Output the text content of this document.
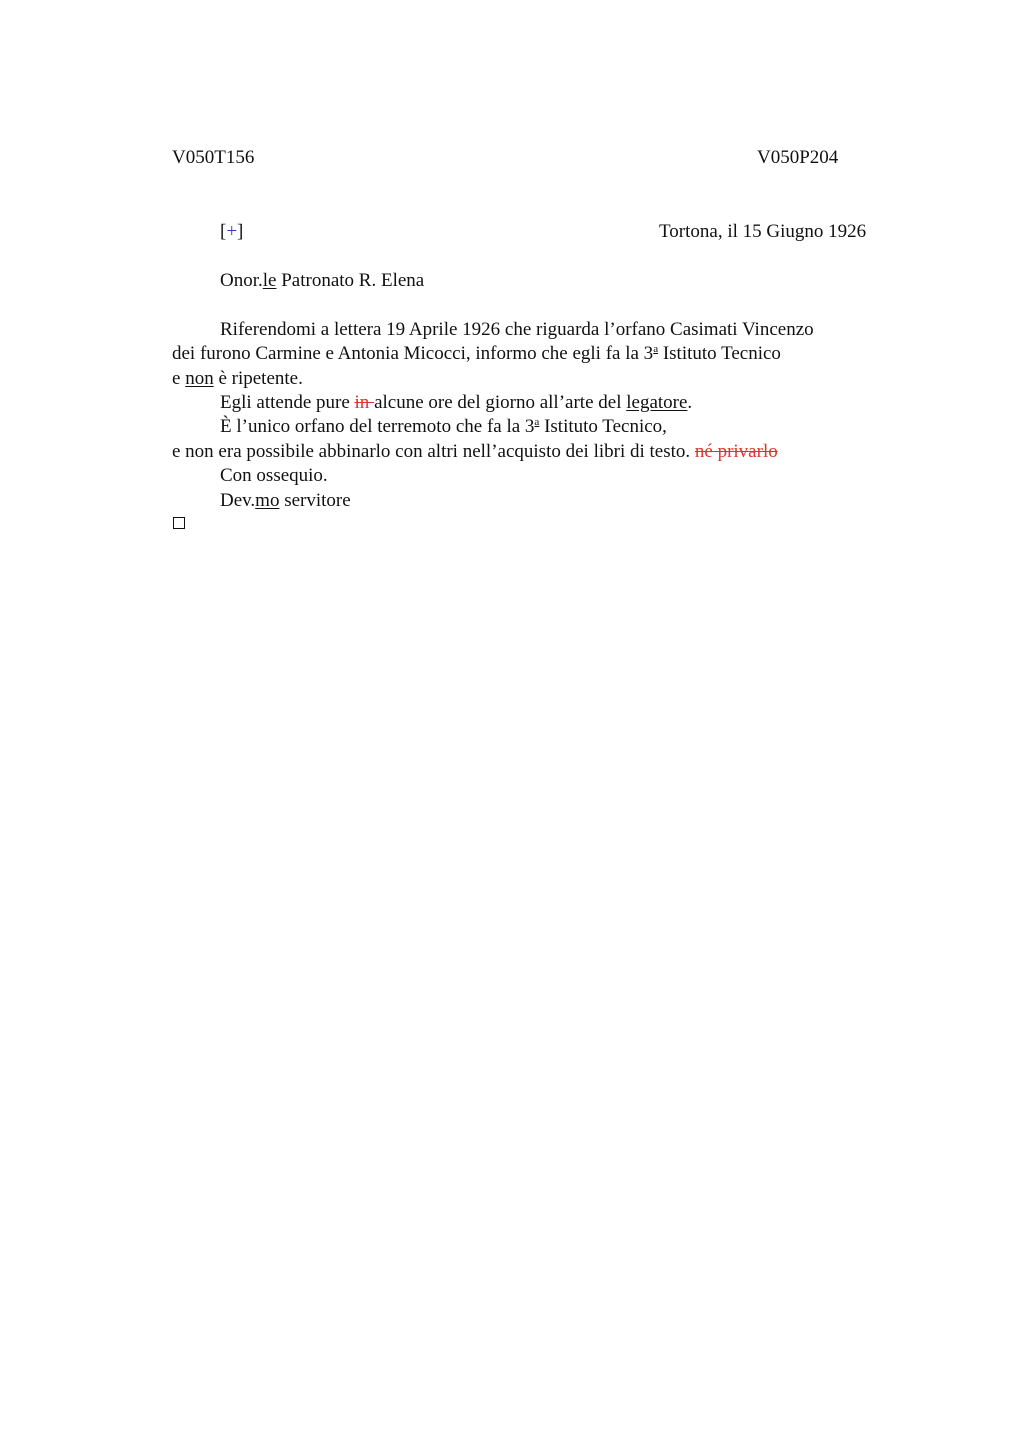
V050T156	V050P204
[+]	Tortona, il 15 Giugno 1926
Onor.le Patronato R. Elena
Riferendomi a lettera 19 Aprile 1926 che riguarda l’orfano Casimati Vincenzo
dei furono Carmine e Antonia Micocci, informo che egli fa la 3$^a$ Istituto Tecnico
e non è ripetente.
Egli attende pure in alcune ore del giorno all’arte del legatore.
È l’unico orfano del terremoto che fa la 3$^a$ Istituto Tecnico,
e non era possibile abbinarlo con altri nell’acquisto dei libri di testo. né privarlo
Con ossequio.
Dev.mo servitore
